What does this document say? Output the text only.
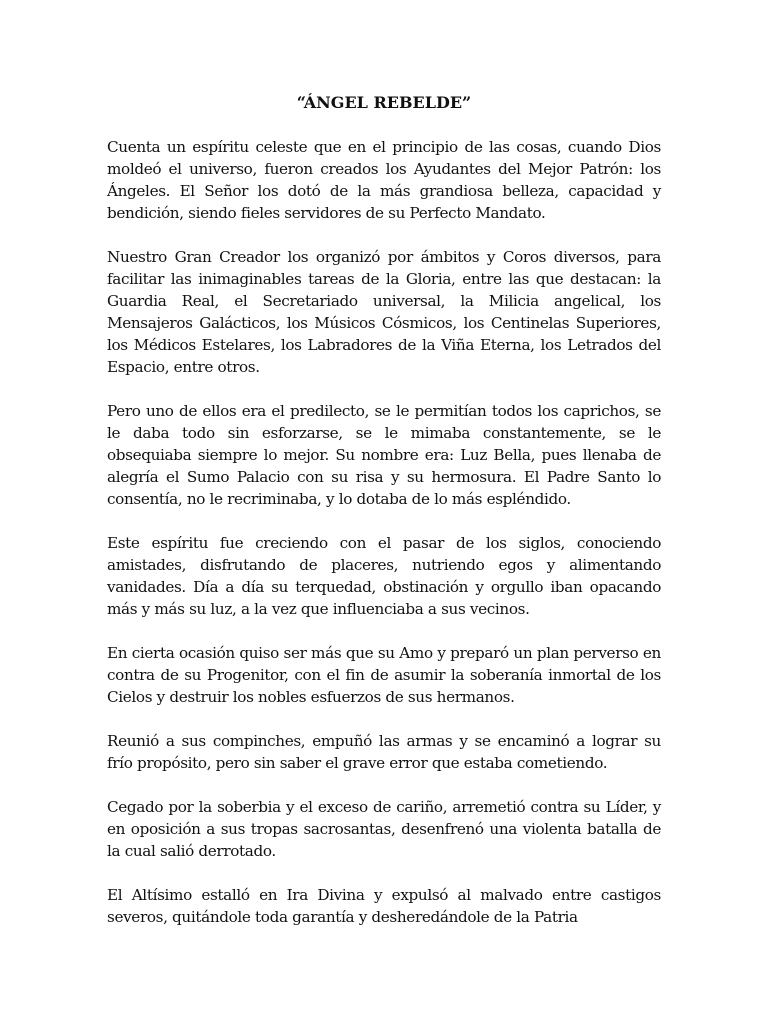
“ÁNGEL REBELDE”

Cuenta un espíritu celeste que en el principio de las cosas, cuando Dios moldeó el universo, fueron creados los Ayudantes del Mejor Patrón: los Ángeles. El Señor los dotó de la más grandiosa belleza, capacidad y bendición, siendo fieles servidores de su Perfecto Mandato.

Nuestro Gran Creador los organizó por ámbitos y Coros diversos, para facilitar las inimaginables tareas de la Gloria, entre las que destacan: la Guardia Real, el Secretariado universal, la Milicia angelical, los Mensajeros Galácticos, los Músicos Cósmicos, los Centinelas Superiores, los Médicos Estelares, los Labradores de la Viña Eterna, los Letrados del Espacio, entre otros.

Pero uno de ellos era el predilecto, se le permitían todos los caprichos, se le daba todo sin esforzarse, se le mimaba constantemente, se le obsequiaba siempre lo mejor. Su nombre era: Luz Bella, pues llenaba de alegría el Sumo Palacio con su risa y su hermosura. El Padre Santo lo consentía, no le recriminaba, y lo dotaba de lo más espléndido.

Este espíritu fue creciendo con el pasar de los siglos, conociendo amistades, disfrutando de placeres, nutriendo egos y alimentando vanidades. Día a día su terquedad, obstinación y orgullo iban opacando más y más su luz, a la vez que influenciaba a sus vecinos.

En cierta ocasión quiso ser más que su Amo y preparó un plan perverso en contra de su Progenitor, con el fin de asumir la soberanía inmortal de los Cielos y destruir los nobles esfuerzos de sus hermanos.

Reunió a sus compinches, empuñó las armas y se encaminó a lograr su frío propósito, pero sin saber el grave error que estaba cometiendo.

Cegado por la soberbia y el exceso de cariño, arremetió contra su Líder, y en oposición a sus tropas sacrosantas, desenfrenó una violenta batalla de la cual salió derrotado.

El Altísimo estalló en Ira Divina y expulsó al malvado entre castigos severos, quitándole toda garantía y desheredándole de la Patria
